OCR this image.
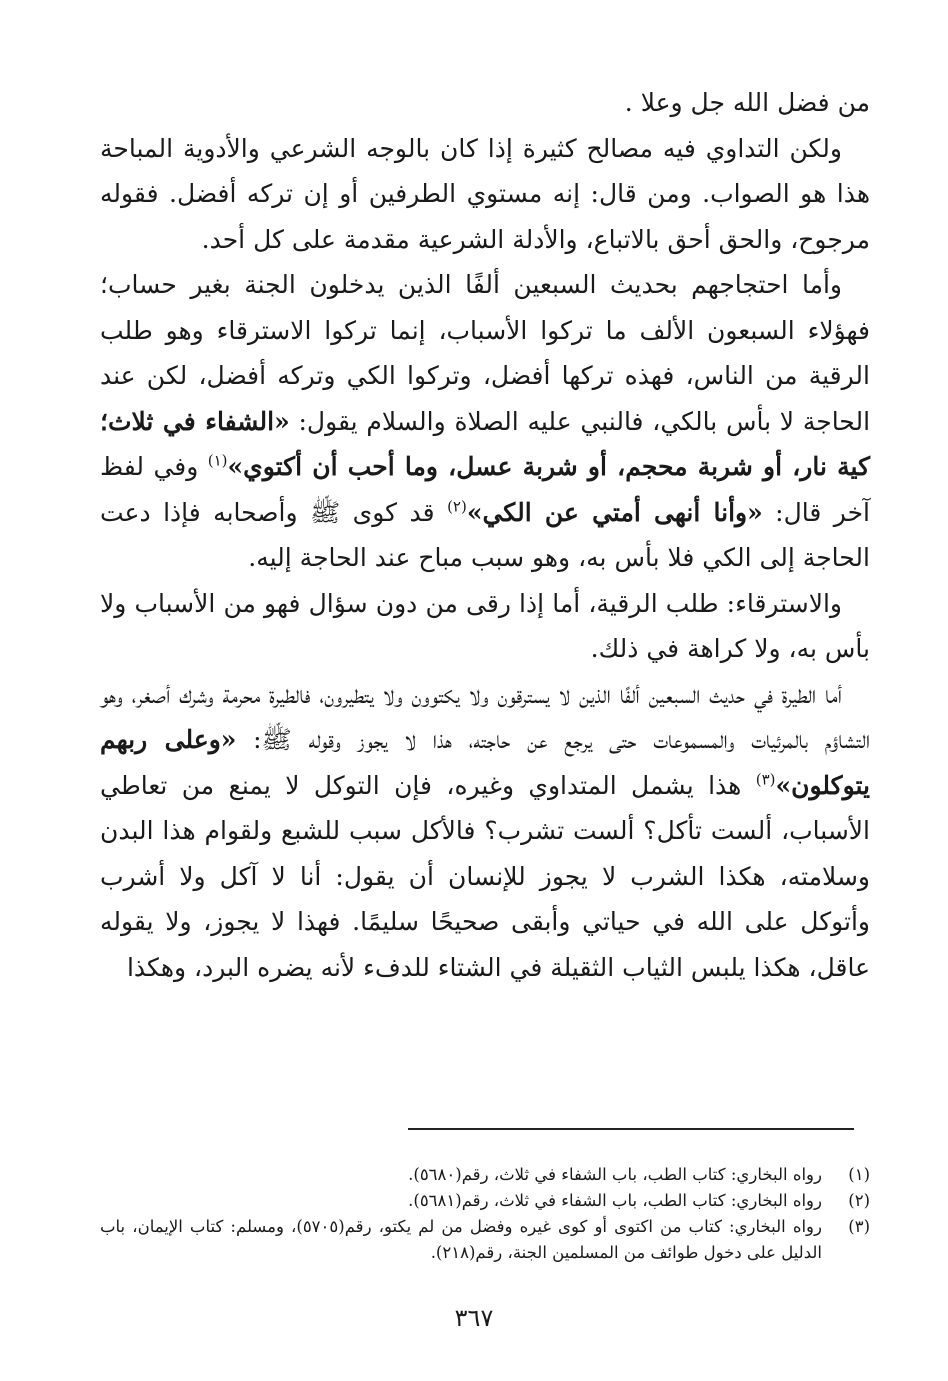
من فضل الله جل وعلا .

ولكن التداوي فيه مصالح كثيرة إذا كان بالوجه الشرعي والأدوية المباحة هذا هو الصواب. ومن قال: إنه مستوي الطرفين أو إن تركه أفضل. فقوله مرجوح، والحق أحق بالاتباع، والأدلة الشرعية مقدمة على كل أحد.

وأما احتجاجهم بحديث السبعين ألفًا الذين يدخلون الجنة بغير حساب؛ فهؤلاء السبعون الألف ما تركوا الأسباب، إنما تركوا الاسترقاء وهو طلب الرقية من الناس، فهذه تركها أفضل، وتركوا الكي وتركه أفضل، لكن عند الحاجة لا بأس بالكي، فالنبي عليه الصلاة والسلام يقول: «الشفاء في ثلاث؛ كية نار، أو شربة محجم، أو شربة عسل، وما أحب أن أكتوي»$^{(١)}$ وفي لفظ آخر قال: «وأنا أنهى أمتي عن الكي»$^{(٢)}$ قد كوى ﷺ وأصحابه فإذا دعت الحاجة إلى الكي فلا بأس به، وهو سبب مباح عند الحاجة إليه.

والاسترقاء: طلب الرقية، أما إذا رقى من دون سؤال فهو من الأسباب ولا بأس به، ولا كراهة في ذلك.

أما الطيرة في حديث السبعين ألفًا الذين لا يسترقون ولا يكتوون ولا يتطيرون، فالطيرة محرمة وشرك أصغر، وهو التشاؤم بالمرئيات والمسموعات حتى يرجع عن حاجته، هذا لا يجوز وقوله ﷺ: «وعلى ربهم يتوكلون»$^{(٣)}$ هذا يشمل المتداوي وغيره، فإن التوكل لا يمنع من تعاطي الأسباب، ألست تأكل؟ ألست تشرب؟ فالأكل سبب للشبع ولقوام هذا البدن وسلامته، هكذا الشرب لا يجوز للإنسان أن يقول: أنا لا آكل ولا أشرب وأتوكل على الله في حياتي وأبقى صحيحًا سليمًا. فهذا لا يجوز، ولا يقوله عاقل، هكذا يلبس الثياب الثقيلة في الشتاء للدفء لأنه يضره البرد، وهكذا

(١)
رواه البخاري: كتاب الطب، باب الشفاء في ثلاث، رقم(٥٦٨٠).
(٢)
رواه البخاري: كتاب الطب، باب الشفاء في ثلاث، رقم(٥٦٨١).
(٣)
رواه البخاري: كتاب من اكتوى أو كوى غيره وفضل من لم يكتو، رقم(٥٧٠٥)، ومسلم: كتاب الإيمان، باب الدليل على دخول طوائف من المسلمين الجنة، رقم(٢١٨).
٣٦٧
